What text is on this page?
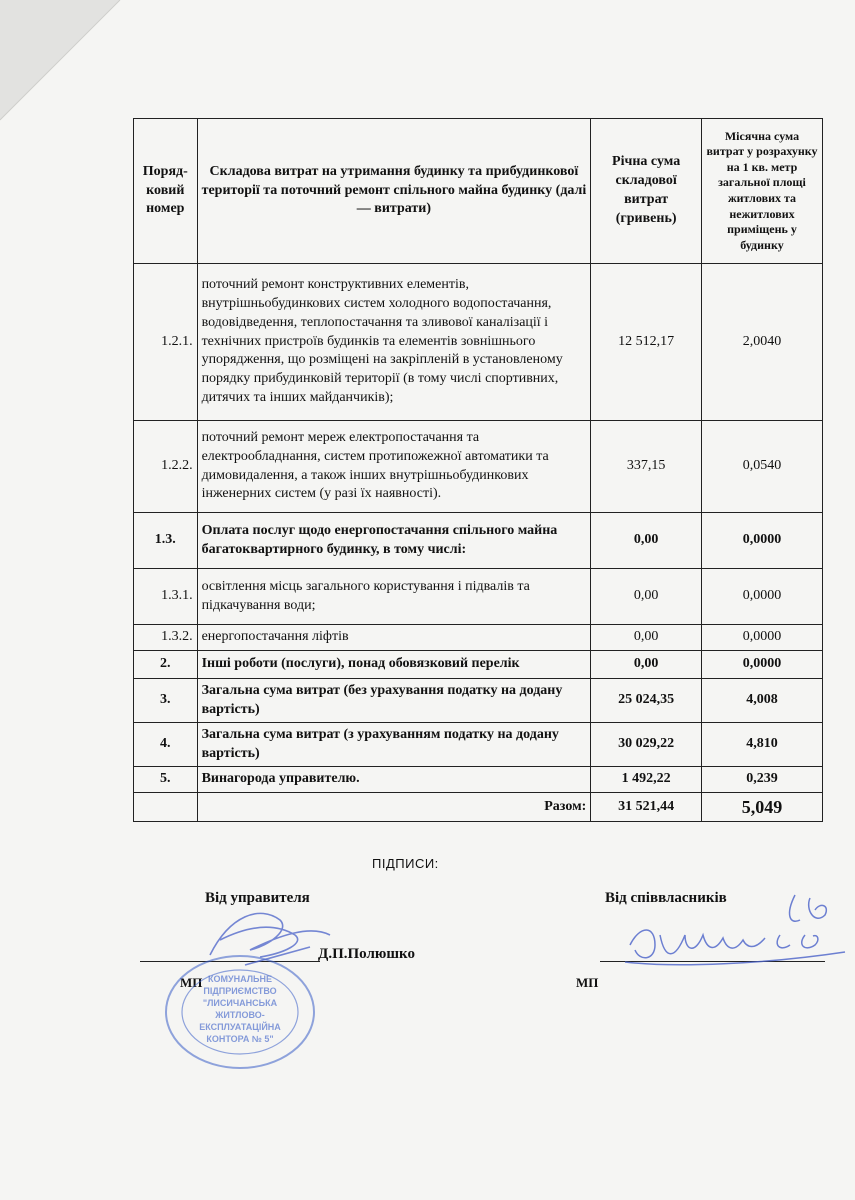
Поряд-ковий номер	Складова витрат на утримання будинку та прибудинкової території та поточний ремонт спільного майна будинку (далі — витрати)	Річна сума складової витрат (гривень)	Місячна сума витрат у розрахунку на 1 кв. метр загальної площі житлових та нежитлових приміщень у будинку
1.2.1.	поточний ремонт конструктивних елементів, внутрішньобудинкових систем холодного водопостачання, водовідведення, теплопостачання та зливової каналізації і технічних пристроїв будинків та елементів зовнішнього упорядження, що розміщені на закріпленій в установленому порядку прибудинковій території (в тому числі спортивних, дитячих та інших майданчиків);	12 512,17	2,0040
1.2.2.	поточний ремонт мереж електропостачання та електрообладнання, систем протипожежної автоматики та димовидалення, а також інших внутрішньобудинкових інженерних систем (у разі їх наявності).	337,15	0,0540
1.3.	Оплата послуг щодо енергопостачання спільного майна багатоквартирного будинку, в тому числі:	0,00	0,0000
1.3.1.	освітлення місць загального користування і підвалів та підкачування води;	0,00	0,0000
1.3.2.	енергопостачання ліфтів	0,00	0,0000
2.	Інші роботи (послуги), понад обовязковий перелік	0,00	0,0000
3.	Загальна сума витрат (без урахування податку на додану вартість)	25 024,35	4,008
4.	Загальна сума витрат (з урахуванням податку на додану вартість)	30 029,22	4,810
5.	Винагорода управителю.	1 492,22	0,239
	Разом:	31 521,44	5,049
ПІДПИСИ:
Від управителя	Від співвласників
Д.П.Полюшко
МП	МП
КОМУНАЛЬНЕ
ПІДПРИЄМСТВО
"ЛИСИЧАНСЬКА
ЖИТЛОВО-
ЕКСПЛУАТАЦІЙНА
КОНТОРА № 5"
